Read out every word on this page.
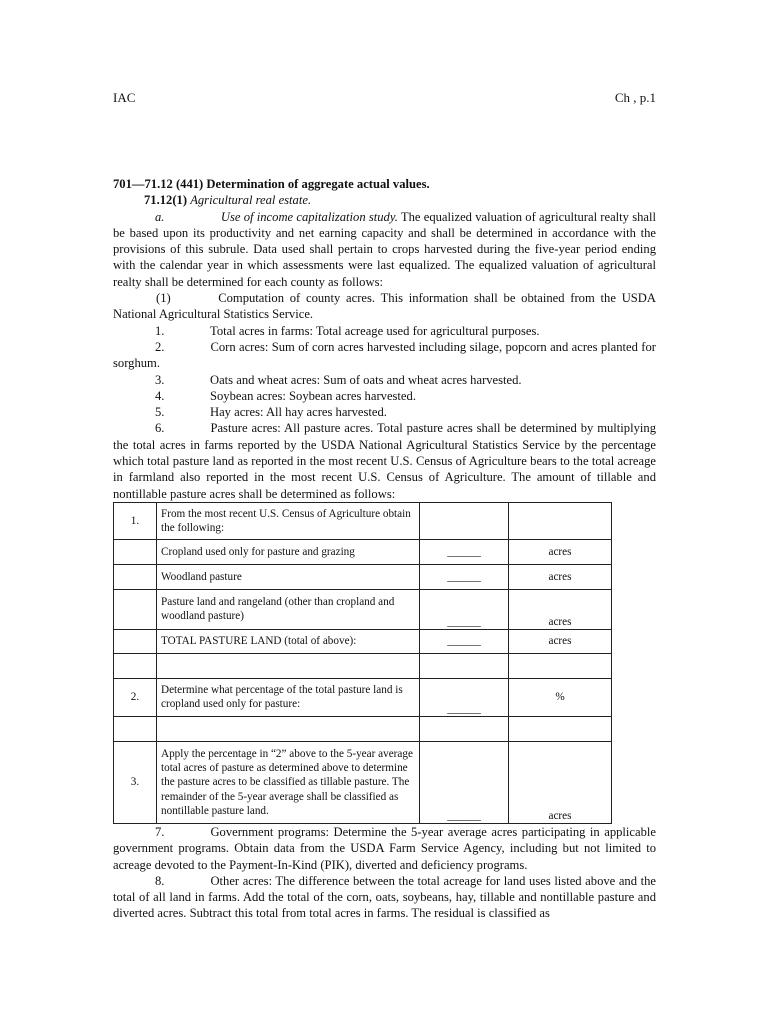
IAC	Ch , p.1

701—71.12 (441) Determination of aggregate actual values.

71.12(1) Agricultural real estate.

a.	Use of income capitalization study. The equalized valuation of agricultural realty shall be based upon its productivity and net earning capacity and shall be determined in accordance with the provisions of this subrule. Data used shall pertain to crops harvested during the five-year period ending with the calendar year in which assessments were last equalized. The equalized valuation of agricultural realty shall be determined for each county as follows:

(1)	Computation of county acres. This information shall be obtained from the USDA National Agricultural Statistics Service.

1.	Total acres in farms: Total acreage used for agricultural purposes.

2.	Corn acres: Sum of corn acres harvested including silage, popcorn and acres planted for sorghum.

3.	Oats and wheat acres: Sum of oats and wheat acres harvested.

4.	Soybean acres: Soybean acres harvested.

5.	Hay acres: All hay acres harvested.

6.	Pasture acres: All pasture acres. Total pasture acres shall be determined by multiplying the total acres in farms reported by the USDA National Agricultural Statistics Service by the percentage which total pasture land as reported in the most recent U.S. Census of Agriculture bears to the total acreage in farmland also reported in the most recent U.S. Census of Agriculture. The amount of tillable and nontillable pasture acres shall be determined as follows:

1.	From the most recent U.S. Census of Agriculture obtain the following:		
	Cropland used only for pasture and grazing	______	acres
	Woodland pasture	______	acres
	Pasture land and rangeland (other than cropland and woodland pasture)	______	acres
	TOTAL PASTURE LAND (total of above):	______	acres

2.	Determine what percentage of the total pasture land is cropland used only for pasture:	______	%

3.	Apply the percentage in “2” above to the 5-year average total acres of pasture as determined above to determine the pasture acres to be classified as tillable pasture. The remainder of the 5-year average shall be classified as nontillable pasture land.	______	acres

7.	Government programs: Determine the 5-year average acres participating in applicable government programs. Obtain data from the USDA Farm Service Agency, including but not limited to acreage devoted to the Payment-In-Kind (PIK), diverted and deficiency programs.

8.	Other acres: The difference between the total acreage for land uses listed above and the total of all land in farms. Add the total of the corn, oats, soybeans, hay, tillable and nontillable pasture and diverted acres. Subtract this total from total acres in farms. The residual is classified as
